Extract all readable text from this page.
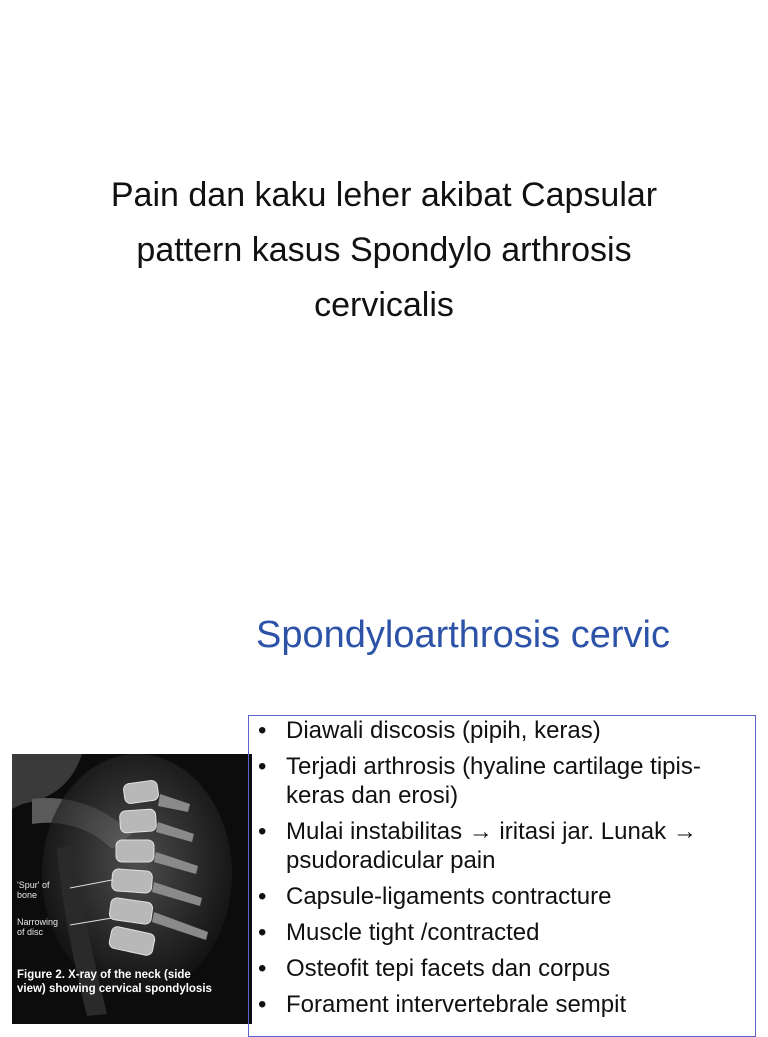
Pain dan kaku leher akibat Capsular
pattern kasus Spondylo arthrosis
cervicalis
Spondyloarthrosis cervic
'Spur' of
bone
Narrowing
of disc
Figure 2. X-ray of the neck (side
view) showing cervical spondylosis
• Diawali discosis (pipih, keras)
• Terjadi arthrosis (hyaline cartilage tipis-keras dan erosi)
• Mulai instabilitas → iritasi jar. Lunak → psudoradicular pain
• Capsule-ligaments contracture
• Muscle tight /contracted
• Osteofit tepi facets dan corpus
• Forament intervertebrale sempit
